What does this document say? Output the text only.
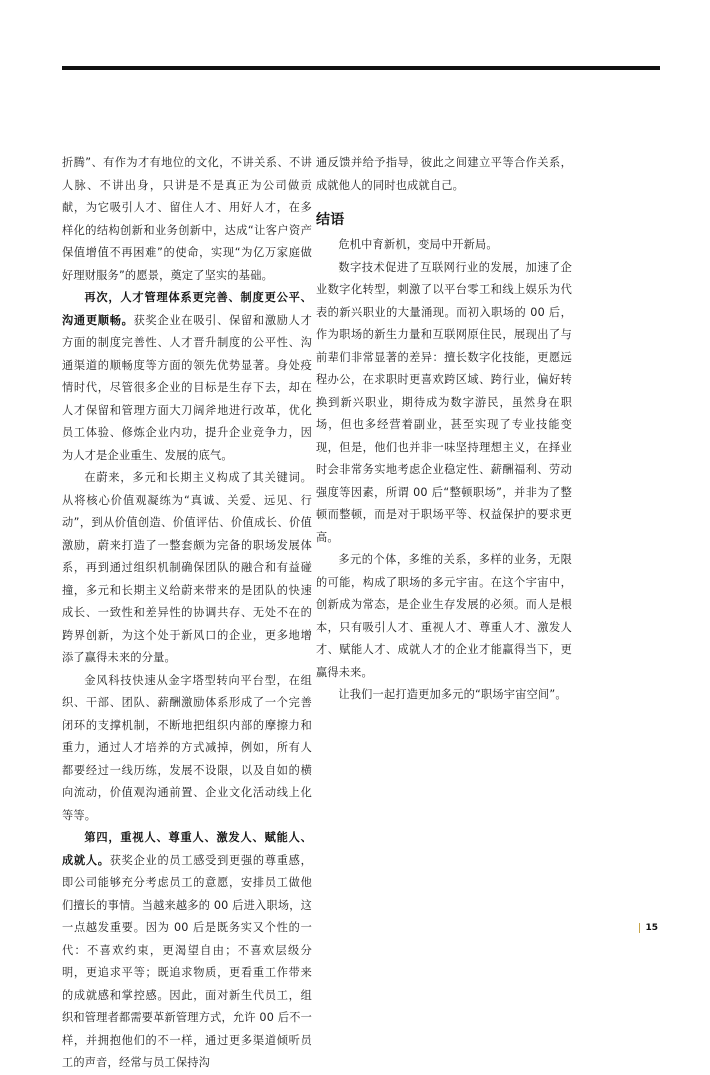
折腾”、有作为才有地位的文化，不讲关系、不讲人脉、不讲出身，只讲是不是真正为公司做贡献，为它吸引人才、留住人才、用好人才，在多样化的结构创新和业务创新中，达成“让客户资产保值增值不再困难”的使命，实现“为亿万家庭做好理财服务”的愿景，奠定了坚实的基础。

再次，人才管理体系更完善、制度更公平、沟通更顺畅。获奖企业在吸引、保留和激励人才方面的制度完善性、人才晋升制度的公平性、沟通渠道的顺畅度等方面的领先优势显著。身处疫情时代，尽管很多企业的目标是生存下去，却在人才保留和管理方面大刀阔斧地进行改革，优化员工体验、修炼企业内功，提升企业竞争力，因为人才是企业重生、发展的底气。

在蔚来，多元和长期主义构成了其关键词。从将核心价值观凝练为“真诚、关爱、远见、行动”，到从价值创造、价值评估、价值成长、价值激励，蔚来打造了一整套颇为完备的职场发展体系，再到通过组织机制确保团队的融合和有益碰撞，多元和长期主义给蔚来带来的是团队的快速成长、一致性和差异性的协调共存、无处不在的跨界创新，为这个处于新风口的企业，更多地增添了赢得未来的分量。

金风科技快速从金字塔型转向平台型，在组织、干部、团队、薪酬激励体系形成了一个完善闭环的支撑机制，不断地把组织内部的摩擦力和重力，通过人才培养的方式减掉，例如，所有人都要经过一线历练，发展不设限，以及自如的横向流动，价值观沟通前置、企业文化活动线上化等等。

第四，重视人、尊重人、激发人、赋能人、成就人。获奖企业的员工感受到更强的尊重感，即公司能够充分考虑员工的意愿，安排员工做他们擅长的事情。当越来越多的 00 后进入职场，这一点越发重要。因为 00 后是既务实又个性的一代：不喜欢约束，更渴望自由；不喜欢层级分明，更追求平等；既追求物质，更看重工作带来的成就感和掌控感。因此，面对新生代员工，组织和管理者都需要革新管理方式，允许 00 后不一样，并拥抱他们的不一样，通过更多渠道倾听员工的声音，经常与员工保持沟

通反馈并给予指导，彼此之间建立平等合作关系，成就他人的同时也成就自己。

结语

危机中育新机，变局中开新局。

数字技术促进了互联网行业的发展，加速了企业数字化转型，刺激了以平台零工和线上娱乐为代表的新兴职业的大量涌现。而初入职场的 00 后，作为职场的新生力量和互联网原住民，展现出了与前辈们非常显著的差异：擅长数字化技能，更愿远程办公，在求职时更喜欢跨区域、跨行业，偏好转换到新兴职业，期待成为数字游民，虽然身在职场，但也多经营着副业，甚至实现了专业技能变现，但是，他们也并非一味坚持理想主义，在择业时会非常务实地考虑企业稳定性、薪酬福利、劳动强度等因素，所谓 00 后“整顿职场”，并非为了整顿而整顿，而是对于职场平等、权益保护的要求更高。

多元的个体，多维的关系，多样的业务，无限的可能，构成了职场的多元宇宙。在这个宇宙中，创新成为常态，是企业生存发展的必须。而人是根本，只有吸引人才、重视人才、尊重人才、激发人才、赋能人才、成就人才的企业才能赢得当下，更赢得未来。

让我们一起打造更加多元的“职场宇宙空间”。

15
